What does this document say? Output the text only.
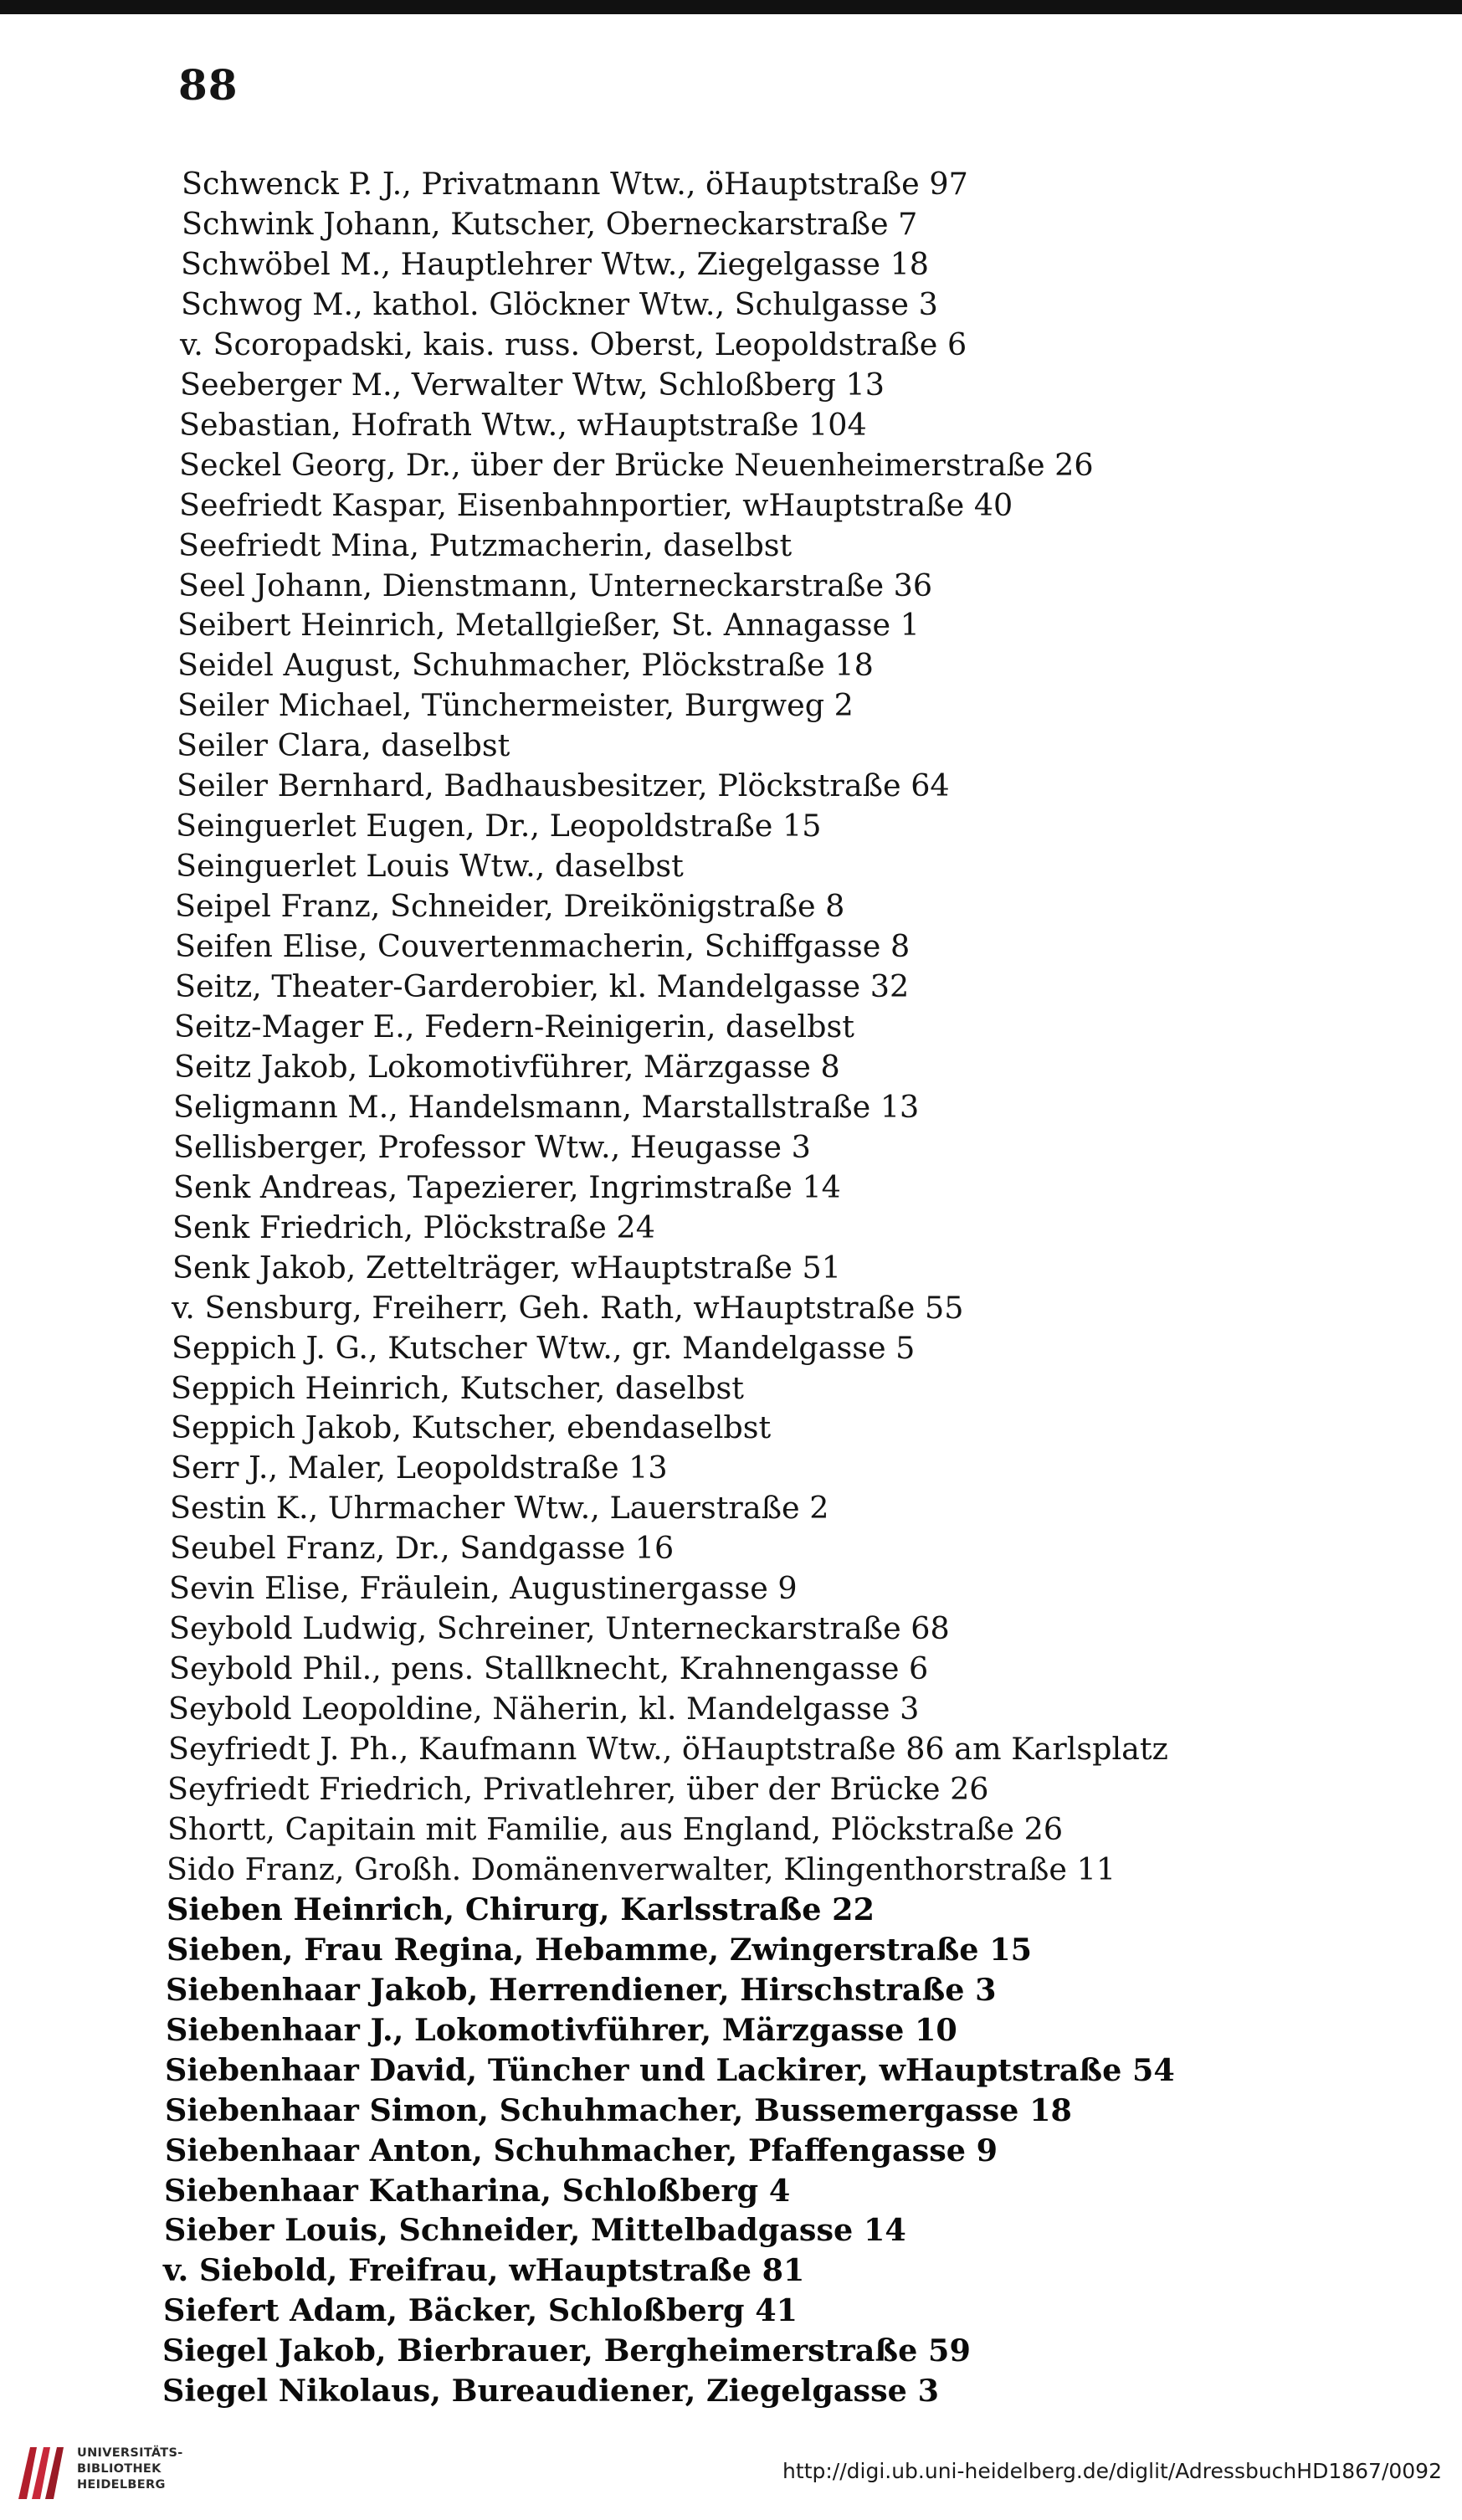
88
Schwenck P. J., Privatmann Wtw., öHauptstraße 97
Schwink Johann, Kutscher, Oberneckarstraße 7
Schwöbel M., Hauptlehrer Wtw., Ziegelgasse 18
Schwog M., kathol. Glöckner Wtw., Schulgasse 3
v. Scoropadski, kais. russ. Oberst, Leopoldstraße 6
Seeberger M., Verwalter Wtw, Schloßberg 13
Sebastian, Hofrath Wtw., wHauptstraße 104
Seckel Georg, Dr., über der Brücke Neuenheimerstraße 26
Seefriedt Kaspar, Eisenbahnportier, wHauptstraße 40
Seefriedt Mina, Putzmacherin, daselbst
Seel Johann, Dienstmann, Unterneckarstraße 36
Seibert Heinrich, Metallgießer, St. Annagasse 1
Seidel August, Schuhmacher, Plöckstraße 18
Seiler Michael, Tünchermeister, Burgweg 2
Seiler Clara, daselbst
Seiler Bernhard, Badhausbesitzer, Plöckstraße 64
Seinguerlet Eugen, Dr., Leopoldstraße 15
Seinguerlet Louis Wtw., daselbst
Seipel Franz, Schneider, Dreikönigstraße 8
Seifen Elise, Couvertenmacherin, Schiffgasse 8
Seitz, Theater-Garderobier, kl. Mandelgasse 32
Seitz-Mager E., Federn-Reinigerin, daselbst
Seitz Jakob, Lokomotivführer, Märzgasse 8
Seligmann M., Handelsmann, Marstallstraße 13
Sellisberger, Professor Wtw., Heugasse 3
Senk Andreas, Tapezierer, Ingrimstraße 14
Senk Friedrich, Plöckstraße 24
Senk Jakob, Zettelträger, wHauptstraße 51
v. Sensburg, Freiherr, Geh. Rath, wHauptstraße 55
Seppich J. G., Kutscher Wtw., gr. Mandelgasse 5
Seppich Heinrich, Kutscher, daselbst
Seppich Jakob, Kutscher, ebendaselbst
Serr J., Maler, Leopoldstraße 13
Sestin K., Uhrmacher Wtw., Lauerstraße 2
Seubel Franz, Dr., Sandgasse 16
Sevin Elise, Fräulein, Augustinergasse 9
Seybold Ludwig, Schreiner, Unterneckarstraße 68
Seybold Phil., pens. Stallknecht, Krahnengasse 6
Seybold Leopoldine, Näherin, kl. Mandelgasse 3
Seyfriedt J. Ph., Kaufmann Wtw., öHauptstraße 86 am Karlsplatz
Seyfriedt Friedrich, Privatlehrer, über der Brücke 26
Shortt, Capitain mit Familie, aus England, Plöckstraße 26
Sido Franz, Großh. Domänenverwalter, Klingenthorstraße 11
Sieben Heinrich, Chirurg, Karlsstraße 22
Sieben, Frau Regina, Hebamme, Zwingerstraße 15
Siebenhaar Jakob, Herrendiener, Hirschstraße 3
Siebenhaar J., Lokomotivführer, Märzgasse 10
Siebenhaar David, Tüncher und Lackirer, wHauptstraße 54
Siebenhaar Simon, Schuhmacher, Bussemergasse 18
Siebenhaar Anton, Schuhmacher, Pfaffengasse 9
Siebenhaar Katharina, Schloßberg 4
Sieber Louis, Schneider, Mittelbadgasse 14
v. Siebold, Freifrau, wHauptstraße 81
Siefert Adam, Bäcker, Schloßberg 41
Siegel Jakob, Bierbrauer, Bergheimerstraße 59
Siegel Nikolaus, Bureaudiener, Ziegelgasse 3
UNIVERSITÄTS-
BIBLIOTHEK
HEIDELBERG
http://digi.ub.uni-heidelberg.de/diglit/AdressbuchHD1867/0092
